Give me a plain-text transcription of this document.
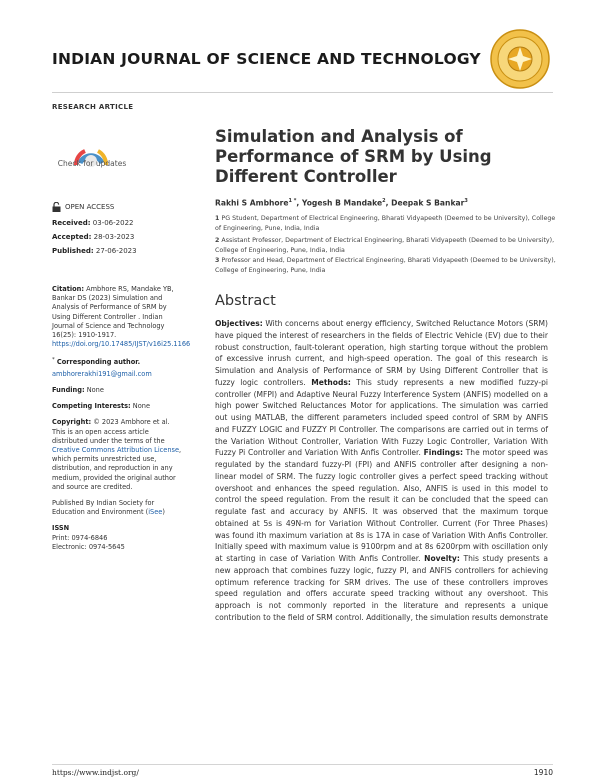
INDIAN JOURNAL OF SCIENCE AND TECHNOLOGY
RESEARCH ARTICLE
Check for updates
Simulation and Analysis of Performance of SRM by Using Different Controller
OPEN ACCESS
Received: 03-06-2022
Accepted: 28-03-2023
Published: 27-06-2023
Rakhi S Ambhore$^{1 *}$, Yogesh B Mandake$^2$, Deepak S Bankar$^3$
1 PG Student, Department of Electrical Engineering, Bharati Vidyapeeth (Deemed to be University), College of Engineering, Pune, India, India
2 Assistant Professor, Department of Electrical Engineering, Bharati Vidyapeeth (Deemed to be University), College of Engineering, Pune, India, India
3 Professor and Head, Department of Electrical Engineering, Bharati Vidyapeeth (Deemed to be University), College of Engineering, Pune, India

Citation: Ambhore RS, Mandake YB, Bankar DS (2023) Simulation and Analysis of Performance of SRM by Using Different Controller . Indian Journal of Science and Technology 16(25): 1910-1917. https://doi.org/10.17485/IJST/v16i25.1166

* Corresponding author.

ambhorerakhi191@gmail.com

Funding: None

Competing Interests: None

Copyright: © 2023 Ambhore et al. This is an open access article distributed under the terms of the Creative Commons Attribution License, which permits unrestricted use, distribution, and reproduction in any medium, provided the original author and source are credited.

Published By Indian Society for Education and Environment (iSee)

ISSN
Print: 0974-6846
Electronic: 0974-5645

Abstract
Objectives: With concerns about energy efficiency, Switched Reluctance Motors (SRM) have piqued the interest of researchers in the fields of Electric Vehicle (EV) due to their robust construction, fault-tolerant operation, high starting torque without the problem of excessive inrush current, and high-speed operation. The goal of this research is Simulation and Analysis of Performance of SRM by Using Different Controller that is fuzzy logic controllers. Methods: This study represents a new modified fuzzy-pi controller (MFPI) and Adaptive Neural Fuzzy Interference System (ANFIS) modelled on a high power Switched Reluctances Motor for applications. The simulation was carried out using MATLAB, the different parameters included speed control of SRM by ANFIS and FUZZY LOGIC and FUZZY PI Controller. The comparisons are carried out in terms of the Variation Without Controller, Variation With Fuzzy Logic Controller, Variation With Fuzzy Pi Controller and Variation With Anfis Controller. Findings: The motor speed was regulated by the standard fuzzy-PI (FPI) and ANFIS controller after designing a non-linear model of SRM. The fuzzy logic controller gives a perfect speed tracking without overshoot and enhances the speed regulation. Also, ANFIS is used in this model to control the speed regulation. From the result it can be concluded that the speed can regulate fast and accuracy by ANFIS. It was observed that the maximum torque obtained at 5s is 49N-m for Variation Without Controller. Current (For Three Phases) was found ith maximum variation at 8s is 17A in case of Variation With Anfis Controller. Initially speed with maximum value is 9100rpm and at 8s 6200rpm with oscillation only at starting in case of Variation With Anfis Controller. Novelty: This study presents a new approach that combines fuzzy logic, fuzzy PI, and ANFIS controllers for achieving optimum reference tracking for SRM drives. The use of these controllers improves speed regulation and offers accurate speed tracking without any overshoot. This approach is not commonly reported in the literature and represents a unique contribution to the field of SRM control. Additionally, the simulation results demonstrate
https://www.indjst.org/	1910
